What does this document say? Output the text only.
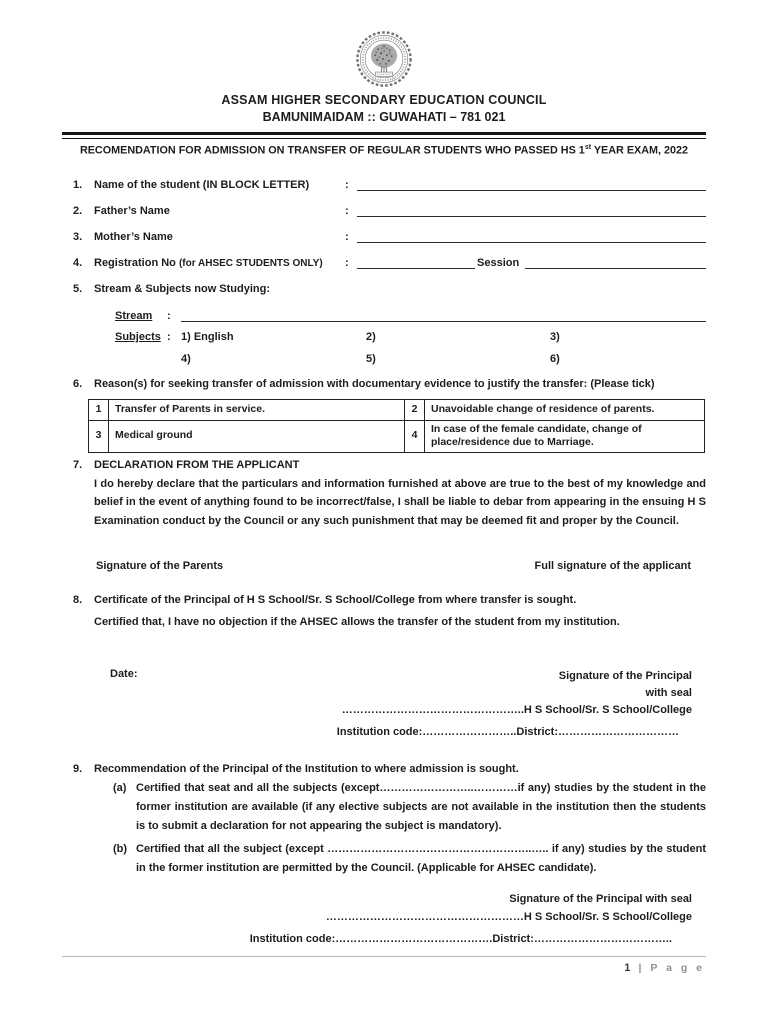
ASSAM HIGHER SECONDARY EDUCATION COUNCIL
BAMUNIMAIDAM :: GUWAHATI – 781 021
RECOMENDATION FOR ADMISSION ON TRANSFER OF REGULAR STUDENTS WHO PASSED HS 1st YEAR EXAM, 2022
1.	Name of the student (IN BLOCK LETTER)	:
2.	Father’s Name	:
3.	Mother’s Name	:
4.	Registration No (for AHSEC STUDENTS ONLY)	:	Session
5.	Stream & Subjects now Studying:
Stream	:
Subjects : 1) English	2)	3)
4)	5)	6)
6.	Reason(s) for seeking transfer of admission with documentary evidence to justify the transfer: (Please tick)
1	Transfer of Parents in service.	2	Unavoidable change of residence of parents.
3	Medical ground	4	In case of the female candidate, change of place/residence due to Marriage.
7.	DECLARATION FROM THE APPLICANT
I do hereby declare that the particulars and information furnished at above are true to the best of my knowledge and belief in the event of anything found to be incorrect/false, I shall be liable to debar from appearing in the ensuing H S Examination conduct by the Council or any such punishment that may be deemed fit and proper by the Council.
Signature of the Parents	Full signature of the applicant
8.	Certificate of the Principal of H S School/Sr. S School/College from where transfer is sought.
Certified that, I have no objection if the AHSEC allows the transfer of the student from my institution.
Date:	Signature of the Principal
with seal
…………………………………………..H S School/Sr. S School/College
Institution code:……………………..District:……………………………
9.	Recommendation of the Principal of the Institution to where admission is sought.
(a) Certified that seat and all the subjects (except……………………..…………if any) studies by the student in the former institution are available (if any elective subjects are not available in the institution then the students is to submit a declaration for not appearing the subject is mandatory).
(b) Certified that all the subject (except ………………………………………………..….. if any) studies by the student in the former institution are permitted by the Council. (Applicable for AHSEC candidate).
Signature of the Principal with seal
………………………………………………H S School/Sr. S School/College
Institution code:…………………………………….District:………………………………..
1 | P a g e
